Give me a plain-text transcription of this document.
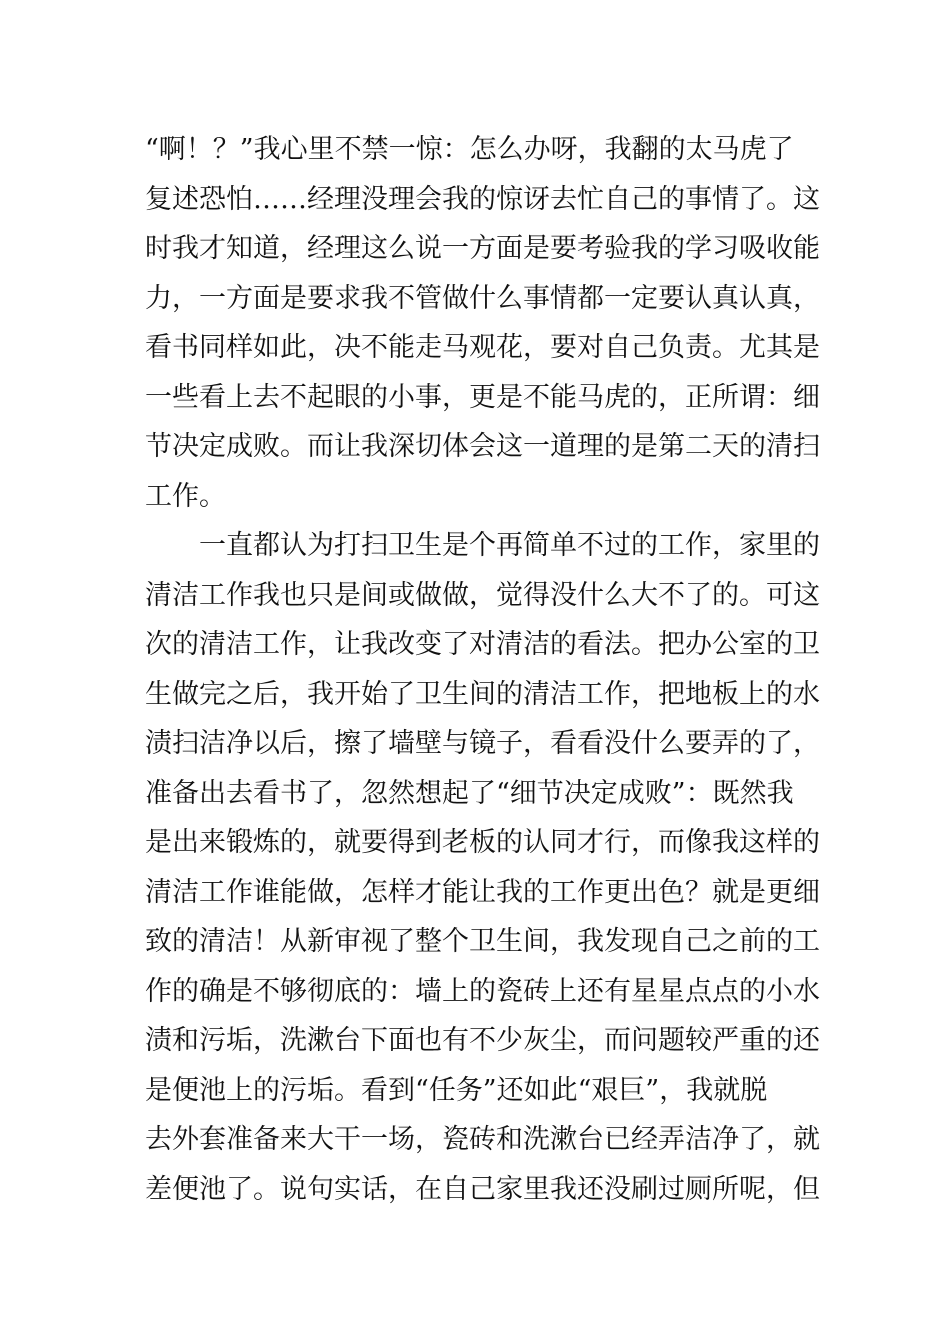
“啊！？”我心里不禁一惊：怎么办呀，我翻的太马虎了
复述恐怕……经理没理会我的惊讶去忙自己的事情了。这
时我才知道，经理这么说一方面是要考验我的学习吸收能
力，一方面是要求我不管做什么事情都一定要认真认真，
看书同样如此，决不能走马观花，要对自己负责。尤其是
一些看上去不起眼的小事，更是不能马虎的，正所谓：细
节决定成败。而让我深切体会这一道理的是第二天的清扫
工作。
　　一直都认为打扫卫生是个再简单不过的工作，家里的
清洁工作我也只是间或做做，觉得没什么大不了的。可这
次的清洁工作，让我改变了对清洁的看法。把办公室的卫
生做完之后，我开始了卫生间的清洁工作，把地板上的水
渍扫洁净以后，擦了墙壁与镜子，看看没什么要弄的了，
准备出去看书了，忽然想起了“细节决定成败”：既然我
是出来锻炼的，就要得到老板的认同才行，而像我这样的
清洁工作谁能做，怎样才能让我的工作更出色？就是更细
致的清洁！从新审视了整个卫生间，我发现自己之前的工
作的确是不够彻底的：墙上的瓷砖上还有星星点点的小水
渍和污垢，洗漱台下面也有不少灰尘，而问题较严重的还
是便池上的污垢。看到“任务”还如此“艰巨”，我就脱
去外套准备来大干一场，瓷砖和洗漱台已经弄洁净了，就
差便池了。说句实话，在自己家里我还没刷过厕所呢，但
